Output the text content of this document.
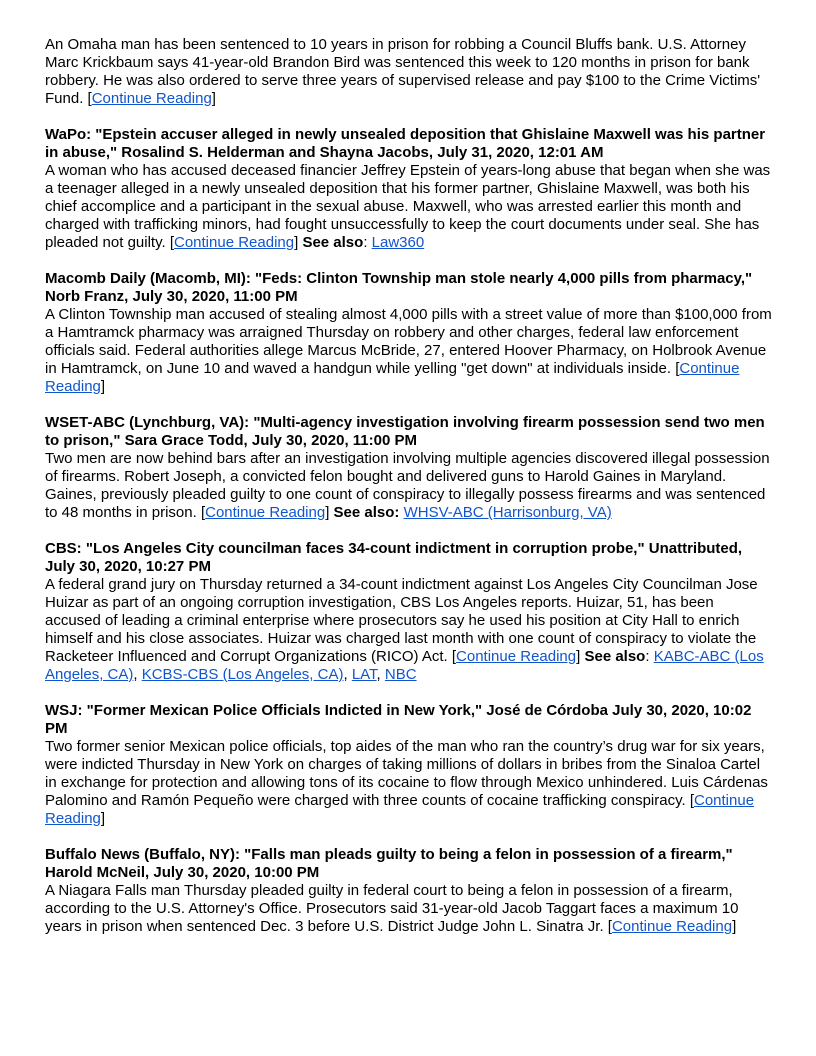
An Omaha man has been sentenced to 10 years in prison for robbing a Council Bluffs bank. U.S. Attorney Marc Krickbaum says 41-year-old Brandon Bird was sentenced this week to 120 months in prison for bank robbery. He was also ordered to serve three years of supervised release and pay $100 to the Crime Victims' Fund. [Continue Reading]
WaPo: "Epstein accuser alleged in newly unsealed deposition that Ghislaine Maxwell was his partner in abuse," Rosalind S. Helderman and Shayna Jacobs, July 31, 2020, 12:01 AM
A woman who has accused deceased financier Jeffrey Epstein of years-long abuse that began when she was a teenager alleged in a newly unsealed deposition that his former partner, Ghislaine Maxwell, was both his chief accomplice and a participant in the sexual abuse. Maxwell, who was arrested earlier this month and charged with trafficking minors, had fought unsuccessfully to keep the court documents under seal. She has pleaded not guilty. [Continue Reading] See also: Law360
Macomb Daily (Macomb, MI): "Feds: Clinton Township man stole nearly 4,000 pills from pharmacy," Norb Franz, July 30, 2020, 11:00 PM
A Clinton Township man accused of stealing almost 4,000 pills with a street value of more than $100,000 from a Hamtramck pharmacy was arraigned Thursday on robbery and other charges, federal law enforcement officials said. Federal authorities allege Marcus McBride, 27, entered Hoover Pharmacy, on Holbrook Avenue in Hamtramck, on June 10 and waved a handgun while yelling "get down" at individuals inside. [Continue Reading]
WSET-ABC (Lynchburg, VA): "Multi-agency investigation involving firearm possession send two men to prison," Sara Grace Todd, July 30, 2020, 11:00 PM
Two men are now behind bars after an investigation involving multiple agencies discovered illegal possession of firearms. Robert Joseph, a convicted felon bought and delivered guns to Harold Gaines in Maryland. Gaines, previously pleaded guilty to one count of conspiracy to illegally possess firearms and was sentenced to 48 months in prison. [Continue Reading] See also: WHSV-ABC (Harrisonburg, VA)
CBS: "Los Angeles City councilman faces 34-count indictment in corruption probe," Unattributed, July 30, 2020, 10:27 PM
A federal grand jury on Thursday returned a 34-count indictment against Los Angeles City Councilman Jose Huizar as part of an ongoing corruption investigation, CBS Los Angeles reports. Huizar, 51, has been accused of leading a criminal enterprise where prosecutors say he used his position at City Hall to enrich himself and his close associates. Huizar was charged last month with one count of conspiracy to violate the Racketeer Influenced and Corrupt Organizations (RICO) Act. [Continue Reading] See also: KABC-ABC (Los Angeles, CA), KCBS-CBS (Los Angeles, CA), LAT, NBC
WSJ: "Former Mexican Police Officials Indicted in New York," José de Córdoba July 30, 2020, 10:02 PM
Two former senior Mexican police officials, top aides of the man who ran the country’s drug war for six years, were indicted Thursday in New York on charges of taking millions of dollars in bribes from the Sinaloa Cartel in exchange for protection and allowing tons of its cocaine to flow through Mexico unhindered. Luis Cárdenas Palomino and Ramón Pequeño were charged with three counts of cocaine trafficking conspiracy. [Continue Reading]
Buffalo News (Buffalo, NY): "Falls man pleads guilty to being a felon in possession of a firearm," Harold McNeil, July 30, 2020, 10:00 PM
A Niagara Falls man Thursday pleaded guilty in federal court to being a felon in possession of a firearm, according to the U.S. Attorney's Office. Prosecutors said 31-year-old Jacob Taggart faces a maximum 10 years in prison when sentenced Dec. 3 before U.S. District Judge John L. Sinatra Jr. [Continue Reading]
